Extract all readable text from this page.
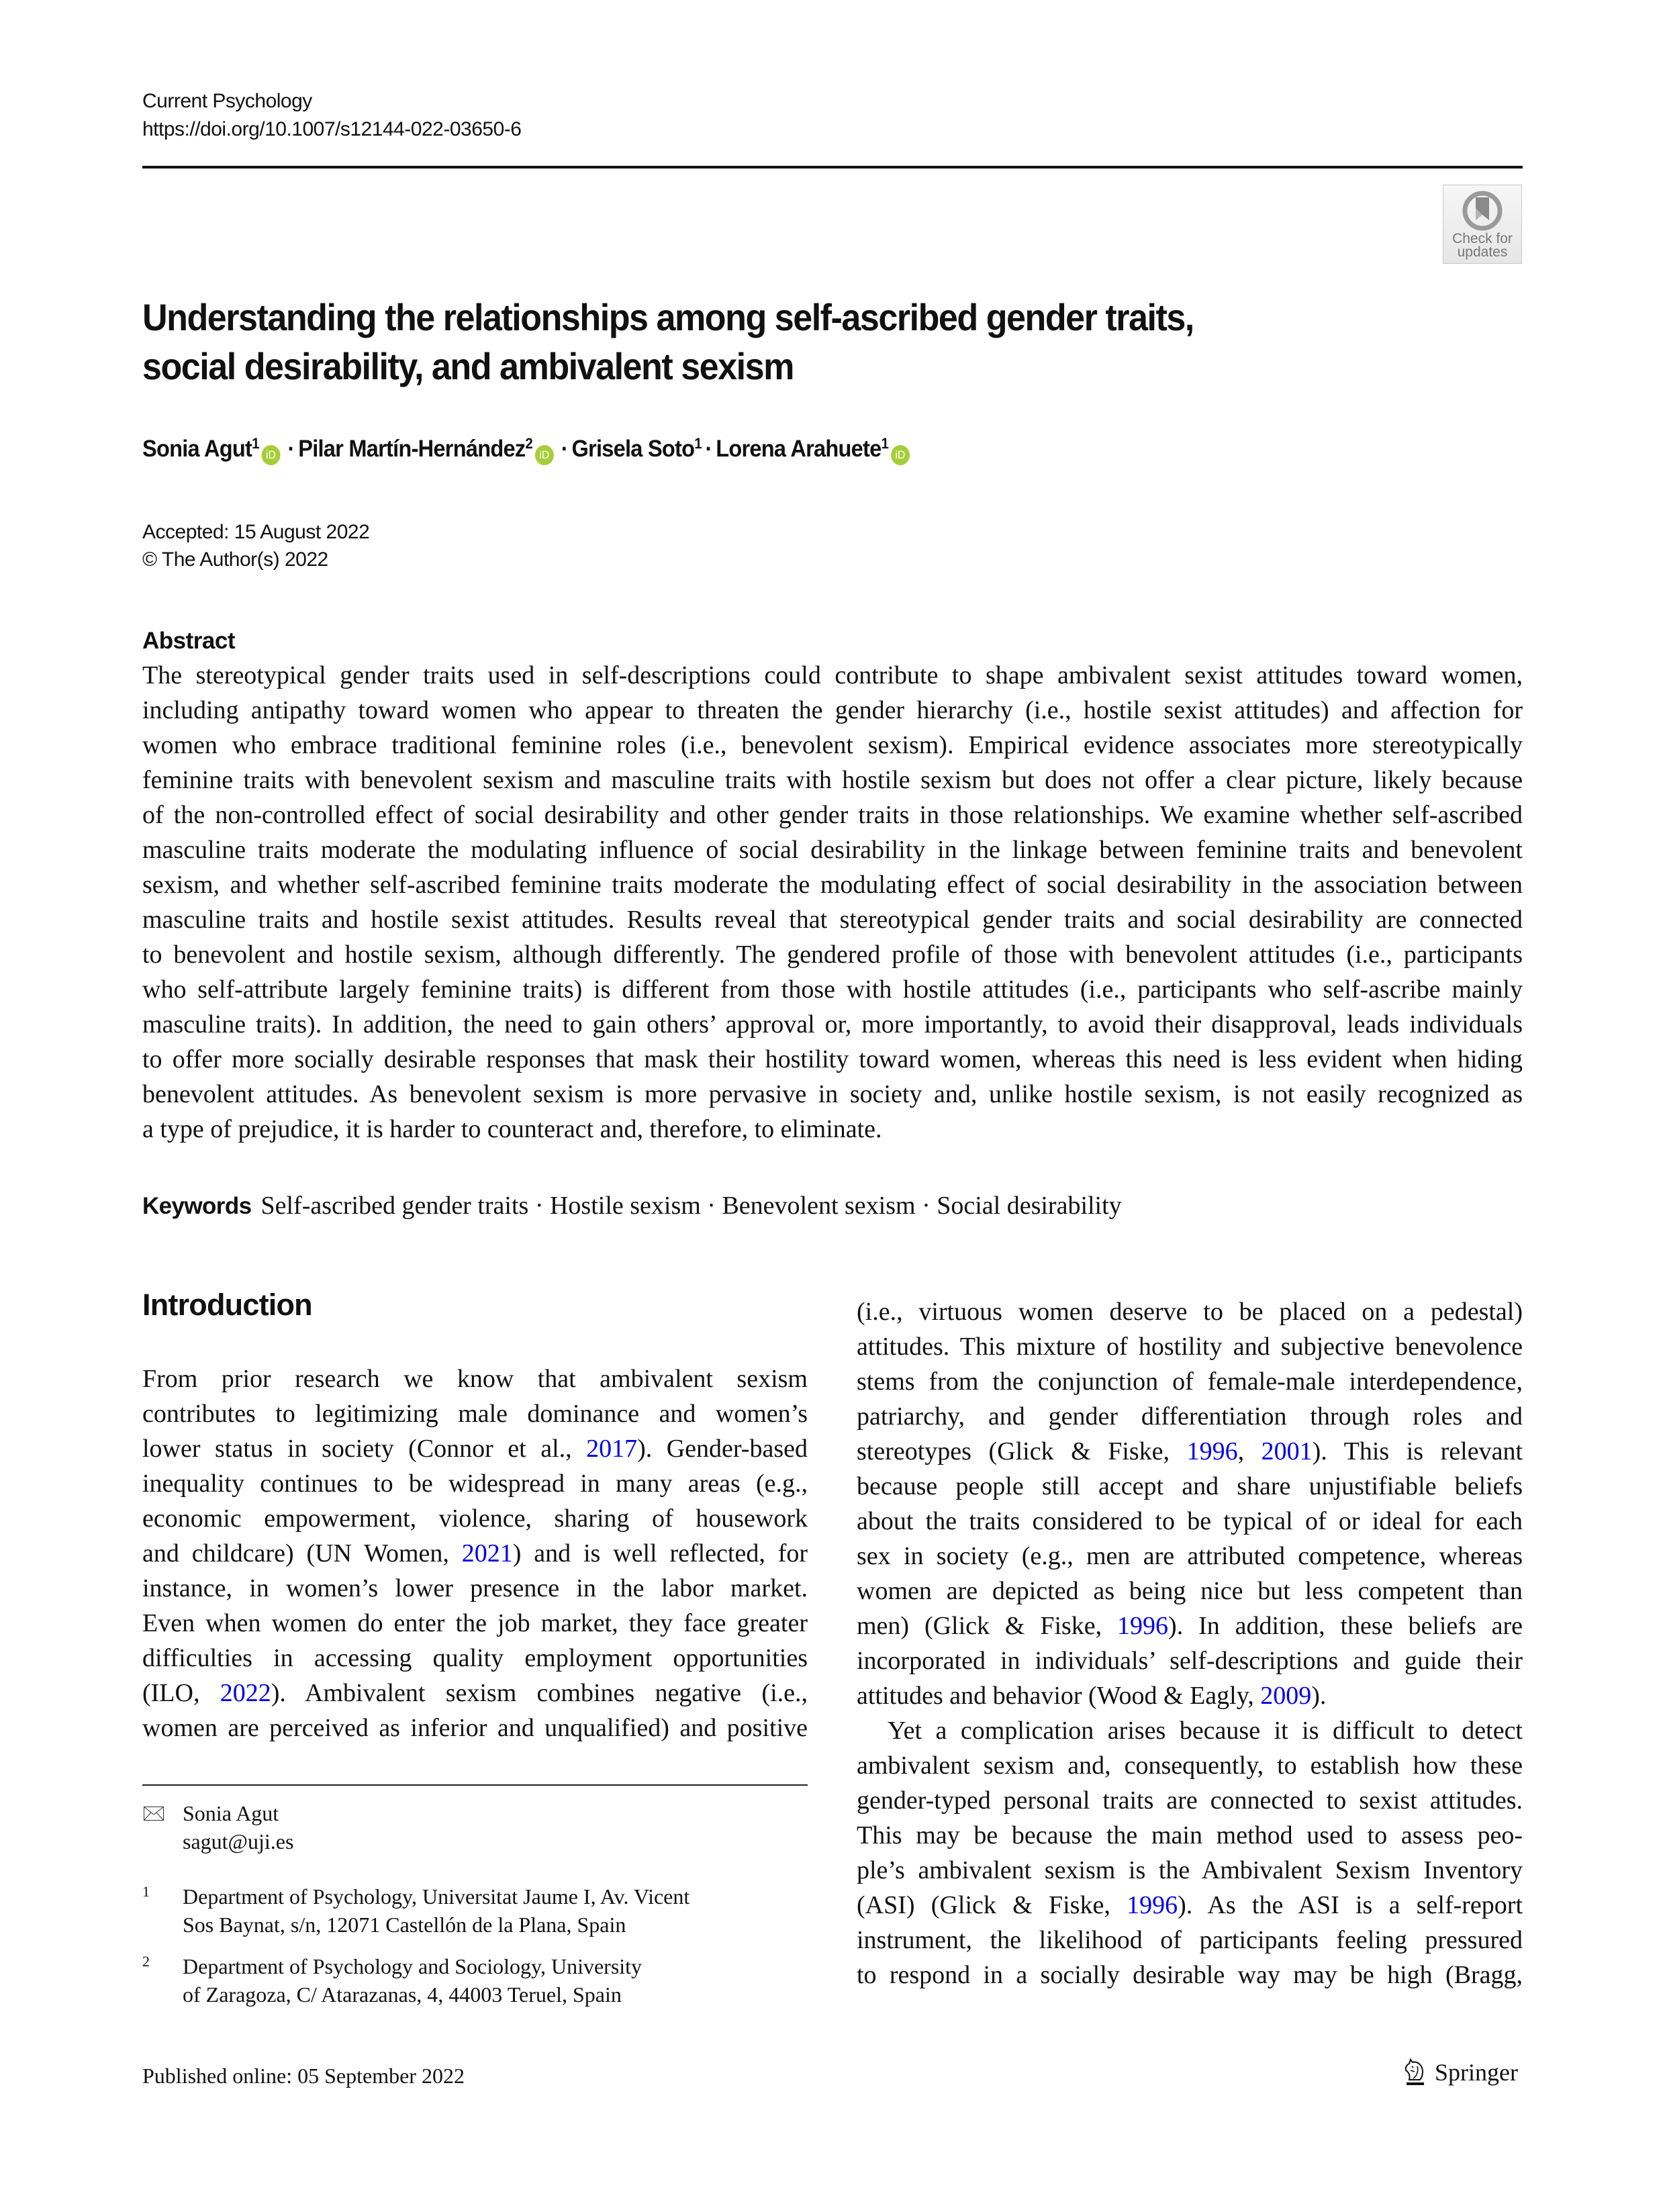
Current Psychology
https://doi.org/10.1007/s12144-022-03650-6
Check for
updates
Understanding the relationships among self-ascribed gender traits,
social desirability, and ambivalent sexism
Sonia Agut$^1$iD · Pilar Martín-Hernández$^2$iD · Grisela Soto$^1$ · Lorena Arahuete$^1$iD
Accepted: 15 August 2022
© The Author(s) 2022
Abstract
The stereotypical gender traits used in self-descriptions could contribute to shape ambivalent sexist attitudes toward women,
including antipathy toward women who appear to threaten the gender hierarchy (i.e., hostile sexist attitudes) and affection for
women who embrace traditional feminine roles (i.e., benevolent sexism). Empirical evidence associates more stereotypically
feminine traits with benevolent sexism and masculine traits with hostile sexism but does not offer a clear picture, likely because
of the non-controlled effect of social desirability and other gender traits in those relationships. We examine whether self-ascribed
masculine traits moderate the modulating influence of social desirability in the linkage between feminine traits and benevolent
sexism, and whether self-ascribed feminine traits moderate the modulating effect of social desirability in the association between
masculine traits and hostile sexist attitudes. Results reveal that stereotypical gender traits and social desirability are connected
to benevolent and hostile sexism, although differently. The gendered profile of those with benevolent attitudes (i.e., participants
who self-attribute largely feminine traits) is different from those with hostile attitudes (i.e., participants who self-ascribe mainly
masculine traits). In addition, the need to gain others’ approval or, more importantly, to avoid their disapproval, leads individuals
to offer more socially desirable responses that mask their hostility toward women, whereas this need is less evident when hiding
benevolent attitudes. As benevolent sexism is more pervasive in society and, unlike hostile sexism, is not easily recognized as
a type of prejudice, it is harder to counteract and, therefore, to eliminate.
Keywords Self-ascribed gender traits · Hostile sexism · Benevolent sexism · Social desirability
Introduction
From prior research we know that ambivalent sexism
contributes to legitimizing male dominance and women’s
lower status in society (Connor et al., 2017). Gender-based
inequality continues to be widespread in many areas (e.g.,
economic empowerment, violence, sharing of housework
and childcare) (UN Women, 2021) and is well reflected, for
instance, in women’s lower presence in the labor market.
Even when women do enter the job market, they face greater
difficulties in accessing quality employment opportunities
(ILO, 2022). Ambivalent sexism combines negative (i.e.,
women are perceived as inferior and unqualified) and positive
(i.e., virtuous women deserve to be placed on a pedestal)
attitudes. This mixture of hostility and subjective benevolence
stems from the conjunction of female-male interdependence,
patriarchy, and gender differentiation through roles and
stereotypes (Glick & Fiske, 1996, 2001). This is relevant
because people still accept and share unjustifiable beliefs
about the traits considered to be typical of or ideal for each
sex in society (e.g., men are attributed competence, whereas
women are depicted as being nice but less competent than
men) (Glick & Fiske, 1996). In addition, these beliefs are
incorporated in individuals’ self-descriptions and guide their
attitudes and behavior (Wood & Eagly, 2009).
Yet a complication arises because it is difficult to detect
ambivalent sexism and, consequently, to establish how these
gender-typed personal traits are connected to sexist attitudes.
This may be because the main method used to assess peo-
ple’s ambivalent sexism is the Ambivalent Sexism Inventory
(ASI) (Glick & Fiske, 1996). As the ASI is a self-report
instrument, the likelihood of participants feeling pressured
to respond in a socially desirable way may be high (Bragg,
Sonia Agut
sagut@uji.es
1 Department of Psychology, Universitat Jaume I, Av. Vicent
Sos Baynat, s/n, 12071 Castellón de la Plana, Spain
2 Department of Psychology and Sociology, University
of Zaragoza, C/ Atarazanas, 4, 44003 Teruel, Spain
Published online: 05 September 2022	Springer
